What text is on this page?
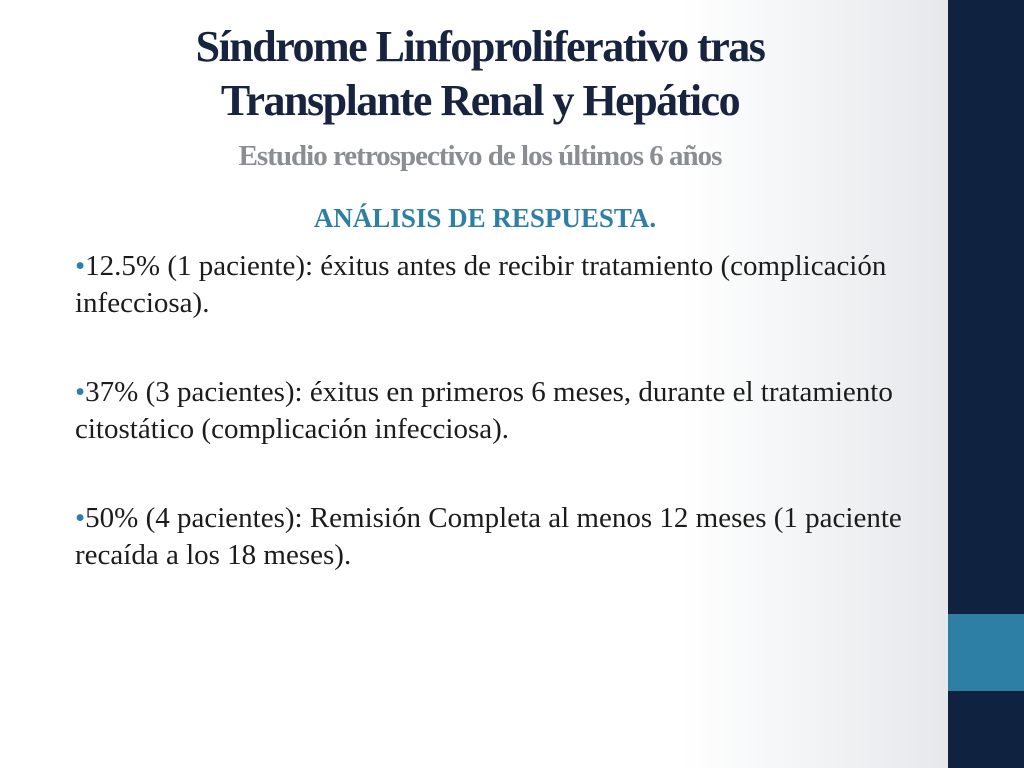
Síndrome Linfoproliferativo tras
Transplante Renal y Hepático
Estudio retrospectivo de los últimos 6 años
ANÁLISIS DE RESPUESTA.
•12.5% (1 paciente): éxitus antes de recibir tratamiento (complicación infecciosa).
•37% (3 pacientes): éxitus en primeros 6 meses, durante el tratamiento citostático (complicación infecciosa).
•50% (4 pacientes): Remisión Completa al menos 12 meses (1 paciente recaída a los 18 meses).
